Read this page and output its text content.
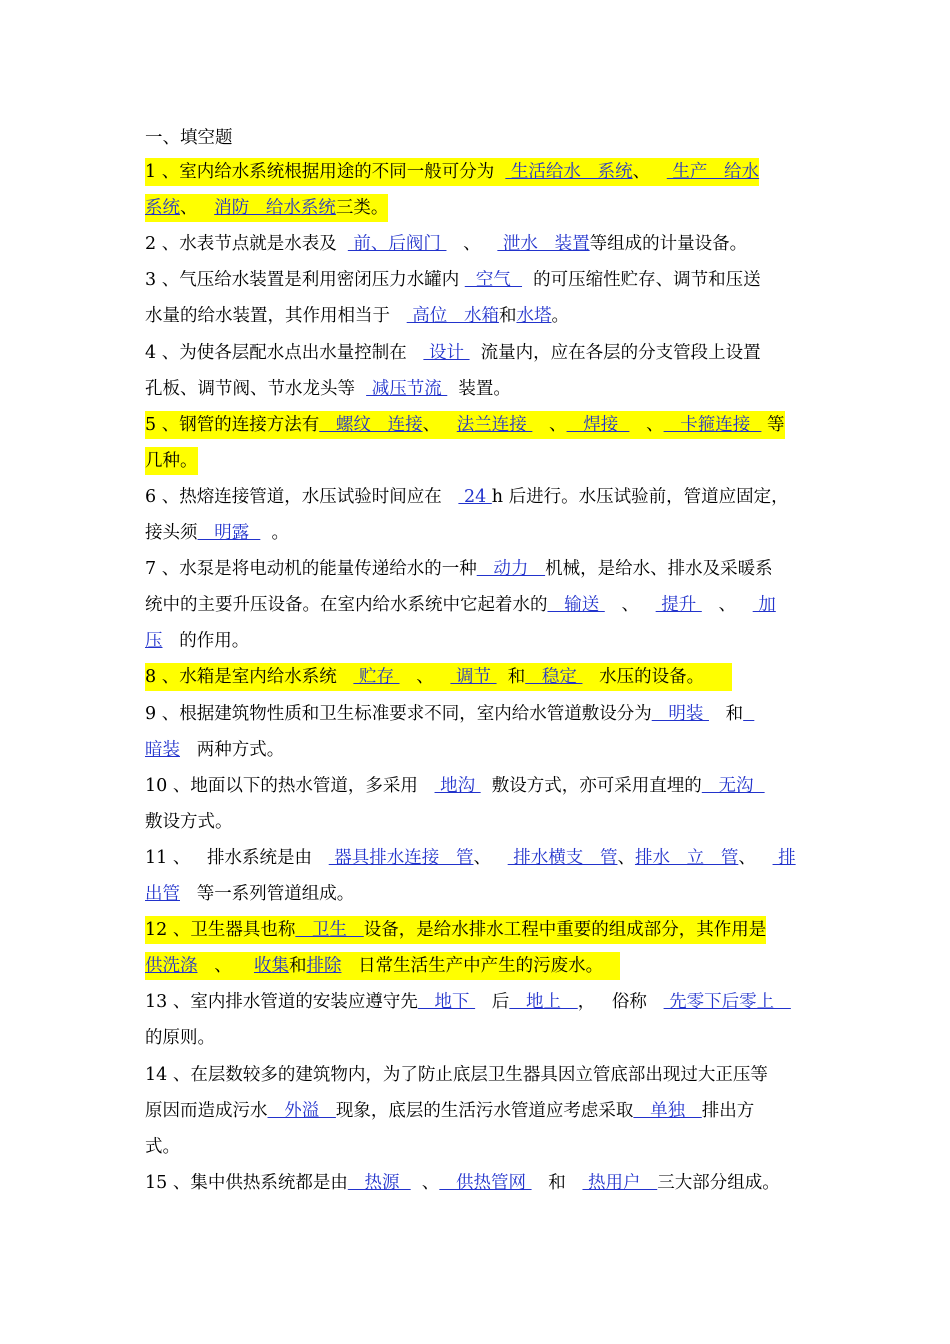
一、填空题
1 、室内给水系统根据用途的不同一般可分为   生活给水   系统、    生产   给水
系统、   消防   给水系统三类。
2 、水表节点就是水表及   前、后阀门    、    泄水   装置等组成的计量设备。
3 、气压给水装置是利用密闭压力水罐内   空气    的可压缩性贮存、调节和压送
水量的给水装置，其作用相当于    高位   水箱和水塔。
4 、为使各层配水点出水量控制在    设计   流量内，应在各层的分支管段上设置
孔板、调节阀、节水龙头等   减压节流   装置。
5 、钢管的连接方法有   螺纹   连接、   法兰连接    、   焊接     、   卡箍连接   等
几种。
6 、热熔连接管道，水压试验时间应在    24 h 后进行。水压试验前，管道应固定，
接头须   明露    。
7 、水泵是将电动机的能量传递给水的一种   动力   机械，是给水、排水及采暖系
统中的主要升压设备。在室内给水系统中它起着水的   输送    、    提升    、    加
压   的作用。
8 、水箱是室内给水系统    贮存    、    调节   和   稳定    水压的设备。
9 、根据建筑物性质和卫生标准要求不同，室内给水管道敷设分为   明装    和
暗装   两种方式。
10 、地面以下的热水管道，多采用    地沟   敷设方式，亦可采用直埋的   无沟
敷设方式。
11 、   排水系统是由    器具排水连接   管、    排水横支   管、排水   立   管、    排
出管   等一系列管道组成。
12 、卫生器具也称   卫生   设备，是给水排水工程中重要的组成部分，其作用是
供洗涤   、    收集和排除   日常生活生产中产生的污废水。
13 、室内排水管道的安装应遵守先   地下    后   地上   ，   俗称    先零下后零上
的原则。
14 、在层数较多的建筑物内，为了防止底层卫生器具因立管底部出现过大正压等
原因而造成污水   外溢   现象，底层的生活污水管道应考虑采取   单独   排出方
式。
15 、集中供热系统都是由   热源    、   供热管网    和    热用户   三大部分组成。
